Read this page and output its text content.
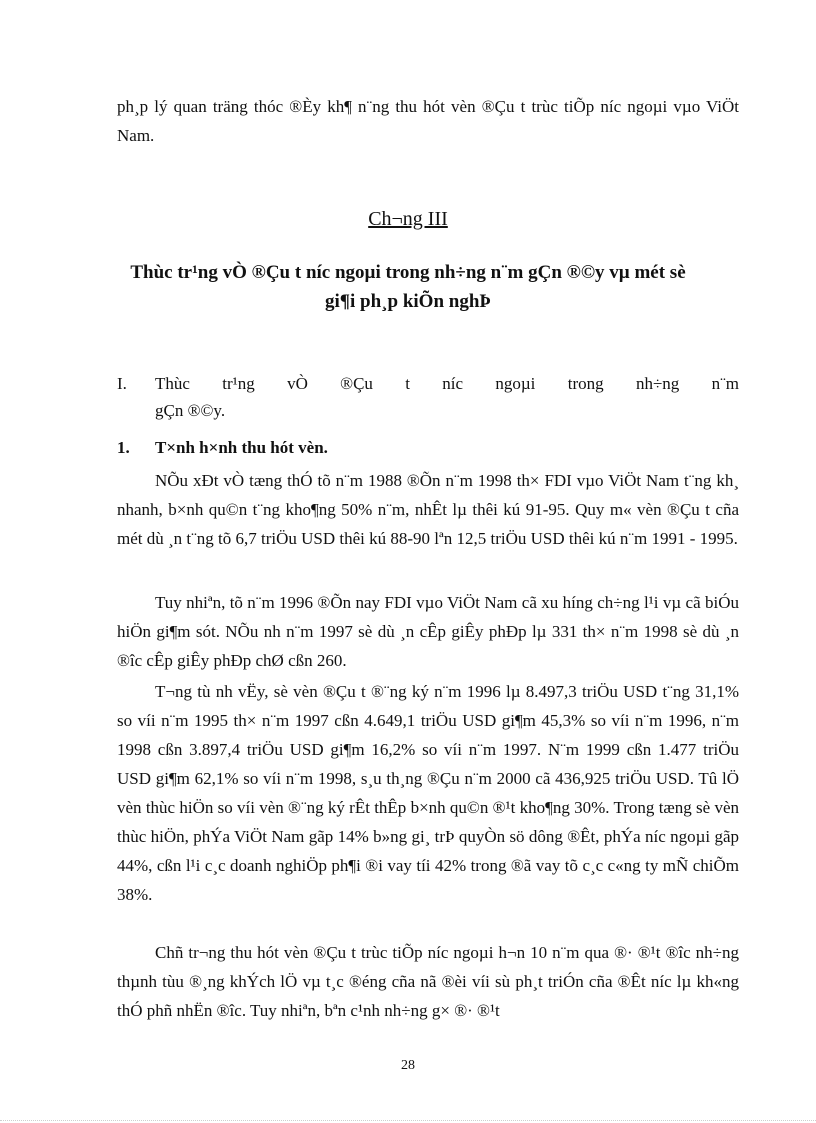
ph¸p lý quan träng thóc ®Èy kh¶ n¨ng thu hót vèn ®Çu t trùc tiÕp níc ngoµi vµo ViÖt Nam.

Ch¬ng III

Thùc tr¹ng vÒ ®Çu t níc ngoµi trong nh÷ng n¨m gÇn ®©y vµ mét sè gi¶i ph¸p kiÕn nghÞ

I. Thùc tr¹ng vÒ ®Çu t níc ngoµi trong nh÷ng n¨m
gÇn ®©y.
1. T×nh h×nh thu hót vèn.

NÕu xÐt vÒ tæng thÓ tõ n¨m 1988 ®Õn n¨m 1998 th× FDI vµo ViÖt Nam t¨ng kh¸ nhanh, b×nh qu©n t¨ng kho¶ng 50% n¨m, nhÊt lµ thêi kú 91-95. Quy m« vèn ®Çu t cña mét dù ¸n t¨ng tõ 6,7 triÖu USD thêi kú 88-90 lªn 12,5 triÖu USD thêi kú n¨m 1991 - 1995.

Tuy nhiªn, tõ n¨m 1996 ®Õn nay FDI vµo ViÖt Nam cã xu híng ch÷ng l¹i vµ cã biÓu hiÖn gi¶m sót. NÕu nh n¨m 1997 sè dù ¸n cÊp giÊy phÐp lµ 331 th× n¨m 1998 sè dù ¸n ®îc cÊp giÊy phÐp chØ cßn 260.

T¬ng tù nh vËy, sè vèn ®Çu t ®¨ng ký n¨m 1996 lµ 8.497,3 triÖu USD t¨ng 31,1% so víi n¨m 1995 th× n¨m 1997 cßn 4.649,1 triÖu USD gi¶m 45,3% so víi n¨m 1996, n¨m 1998 cßn 3.897,4 triÖu USD gi¶m 16,2% so víi n¨m 1997. N¨m 1999 cßn 1.477 triÖu USD gi¶m 62,1% so víi n¨m 1998, s¸u th¸ng ®Çu n¨m 2000 cã 436,925 triÖu USD. Tû lÖ vèn thùc hiÖn so víi vèn ®¨ng ký rÊt thÊp b×nh qu©n ®¹t kho¶ng 30%. Trong tæng sè vèn thùc hiÖn, phÝa ViÖt Nam gãp 14% b»ng gi¸ trÞ quyÒn sö dông ®Êt, phÝa níc ngoµi gãp 44%, cßn l¹i c¸c doanh nghiÖp ph¶i ®i vay tíi 42% trong ®ã vay tõ c¸c c«ng ty mÑ chiÕm 38%.

Chñ tr¬ng thu hót vèn ®Çu t trùc tiÕp níc ngoµi h¬n 10 n¨m qua ®· ®¹t ®îc nh÷ng thµnh tùu ®¸ng khÝch lÖ vµ t¸c ®éng cña nã ®èi víi sù ph¸t triÓn cña ®Êt níc lµ kh«ng thÓ phñ nhËn ®îc. Tuy nhiªn, bªn c¹nh nh÷ng g× ®· ®¹t

28
